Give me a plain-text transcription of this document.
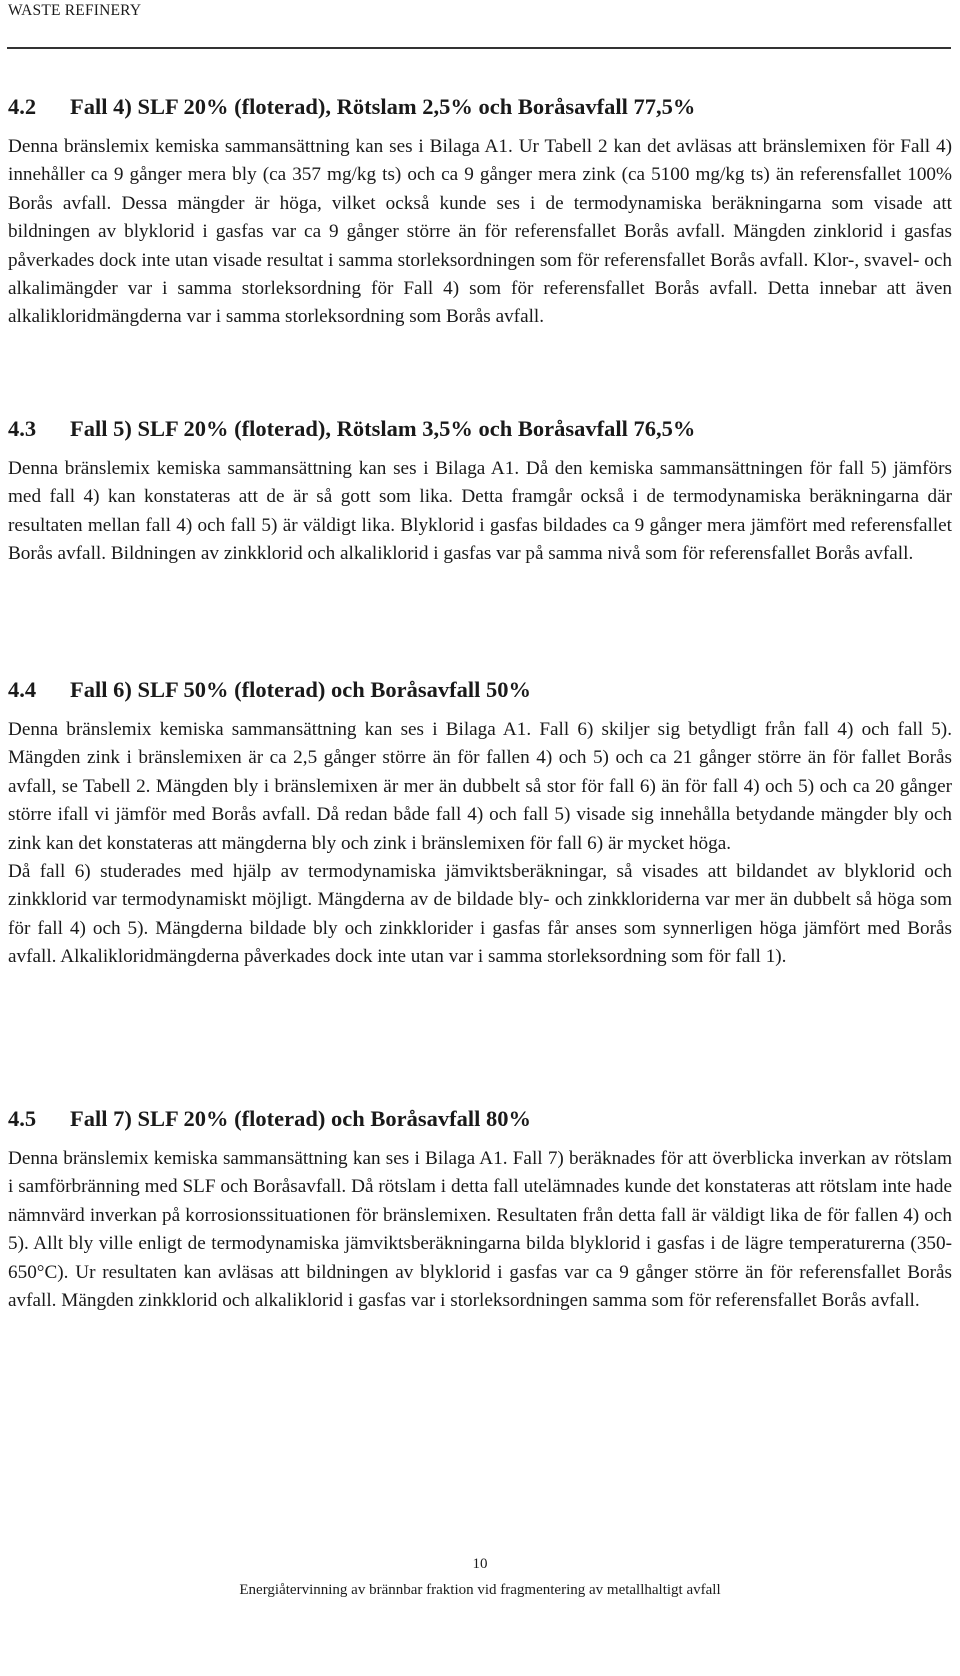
WASTE REFINERY
4.2 Fall 4) SLF 20% (floterad), Rötslam 2,5% och Boråsavfall 77,5%

Denna bränslemix kemiska sammansättning kan ses i Bilaga A1. Ur Tabell 2 kan det avläsas att bränslemixen för Fall 4) innehåller ca 9 gånger mera bly (ca 357 mg/kg ts) och ca 9 gånger mera zink (ca 5100 mg/kg ts) än referensfallet 100% Borås avfall. Dessa mängder är höga, vilket också kunde ses i de termodynamiska beräkningarna som visade att bildningen av blyklorid i gasfas var ca 9 gånger större än för referensfallet Borås avfall. Mängden zinklorid i gasfas påverkades dock inte utan visade resultat i samma storleksordningen som för referensfallet Borås avfall. Klor-, svavel- och alkalimängder var i samma storleksordning för Fall 4) som för referensfallet Borås avfall. Detta innebar att även alkalikloridmängderna var i samma storleksordning som Borås avfall.

4.3 Fall 5) SLF 20% (floterad), Rötslam 3,5% och Boråsavfall 76,5%

Denna bränslemix kemiska sammansättning kan ses i Bilaga A1. Då den kemiska sammansättningen för fall 5) jämförs med fall 4) kan konstateras att de är så gott som lika. Detta framgår också i de termodynamiska beräkningarna där resultaten mellan fall 4) och fall 5) är väldigt lika. Blyklorid i gasfas bildades ca 9 gånger mera jämfört med referensfallet Borås avfall. Bildningen av zinkklorid och alkaliklorid i gasfas var på samma nivå som för referensfallet Borås avfall.

4.4 Fall 6) SLF 50% (floterad) och Boråsavfall 50%

Denna bränslemix kemiska sammansättning kan ses i Bilaga A1. Fall 6) skiljer sig betydligt från fall 4) och fall 5). Mängden zink i bränslemixen är ca 2,5 gånger större än för fallen 4) och 5) och ca 21 gånger större än för fallet Borås avfall, se Tabell 2. Mängden bly i bränslemixen är mer än dubbelt så stor för fall 6) än för fall 4) och 5) och ca 20 gånger större ifall vi jämför med Borås avfall. Då redan både fall 4) och fall 5) visade sig innehålla betydande mängder bly och zink kan det konstateras att mängderna bly och zink i bränslemixen för fall 6) är mycket höga.

Då fall 6) studerades med hjälp av termodynamiska jämviktsberäkningar, så visades att bildandet av blyklorid och zinkklorid var termodynamiskt möjligt. Mängderna av de bildade bly- och zinkkloriderna var mer än dubbelt så höga som för fall 4) och 5). Mängderna bildade bly och zinkklorider i gasfas får anses som synnerligen höga jämfört med Borås avfall. Alkalikloridmängderna påverkades dock inte utan var i samma storleksordning som för fall 1).

4.5 Fall 7) SLF 20% (floterad) och Boråsavfall 80%

Denna bränslemix kemiska sammansättning kan ses i Bilaga A1. Fall 7) beräknades för att överblicka inverkan av rötslam i samförbränning med SLF och Boråsavfall. Då rötslam i detta fall utelämnades kunde det konstateras att rötslam inte hade nämnvärd inverkan på korrosionssituationen för bränslemixen. Resultaten från detta fall är väldigt lika de för fallen 4) och 5). Allt bly ville enligt de termodynamiska jämviktsberäkningarna bilda blyklorid i gasfas i de lägre temperaturerna (350-650°C). Ur resultaten kan avläsas att bildningen av blyklorid i gasfas var ca 9 gånger större än för referensfallet Borås avfall. Mängden zinkklorid och alkaliklorid i gasfas var i storleksordningen samma som för referensfallet Borås avfall.

10
Energiåtervinning av brännbar fraktion vid fragmentering av metallhaltigt avfall
